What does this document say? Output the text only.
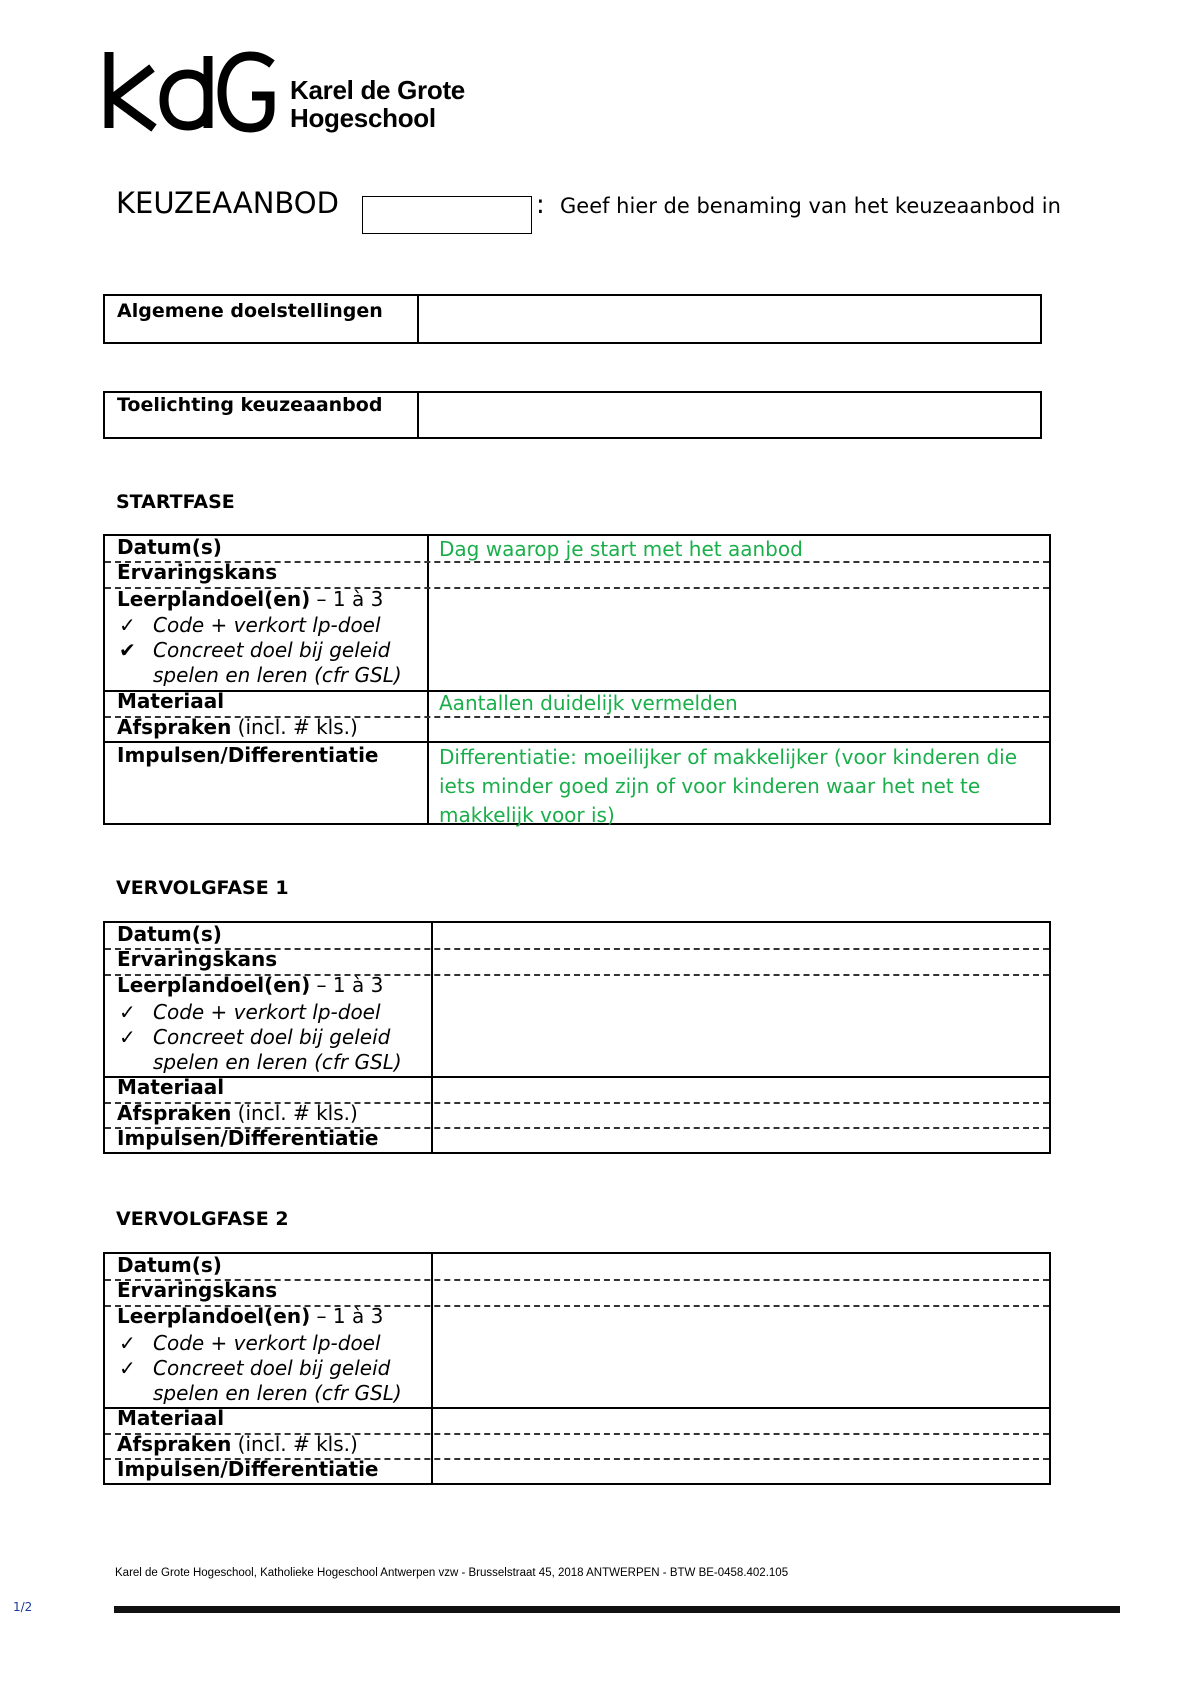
Karel de Grote
Hogeschool
KEUZEAANBOD	: Geef hier de benaming van het keuzeaanbod in
Algemene doelstellingen
Toelichting keuzeaanbod
STARTFASE
Datum(s)	Dag waarop je start met het aanbod
Ervaringskans
Leerplandoel(en) – 1 à 3
✓ Code + verkort lp-doel
✔ Concreet doel bij geleid
spelen en leren (cfr GSL)
Materiaal	Aantallen duidelijk vermelden
Afspraken (incl. # kls.)
Impulsen/Differentiatie	Differentiatie: moeilijker of makkelijker (voor kinderen die iets minder goed zijn of voor kinderen waar het net te makkelijk voor is)
VERVOLGFASE 1
Datum(s)
Ervaringskans
Leerplandoel(en) – 1 à 3
✓ Code + verkort lp-doel
✓ Concreet doel bij geleid
spelen en leren (cfr GSL)
Materiaal
Afspraken (incl. # kls.)
Impulsen/Differentiatie
VERVOLGFASE 2
Datum(s)
Ervaringskans
Leerplandoel(en) – 1 à 3
✓ Code + verkort lp-doel
✓ Concreet doel bij geleid
spelen en leren (cfr GSL)
Materiaal
Afspraken (incl. # kls.)
Impulsen/Differentiatie
Karel de Grote Hogeschool, Katholieke Hogeschool Antwerpen vzw - Brusselstraat 45, 2018 ANTWERPEN - BTW BE-0458.402.105
1/2
